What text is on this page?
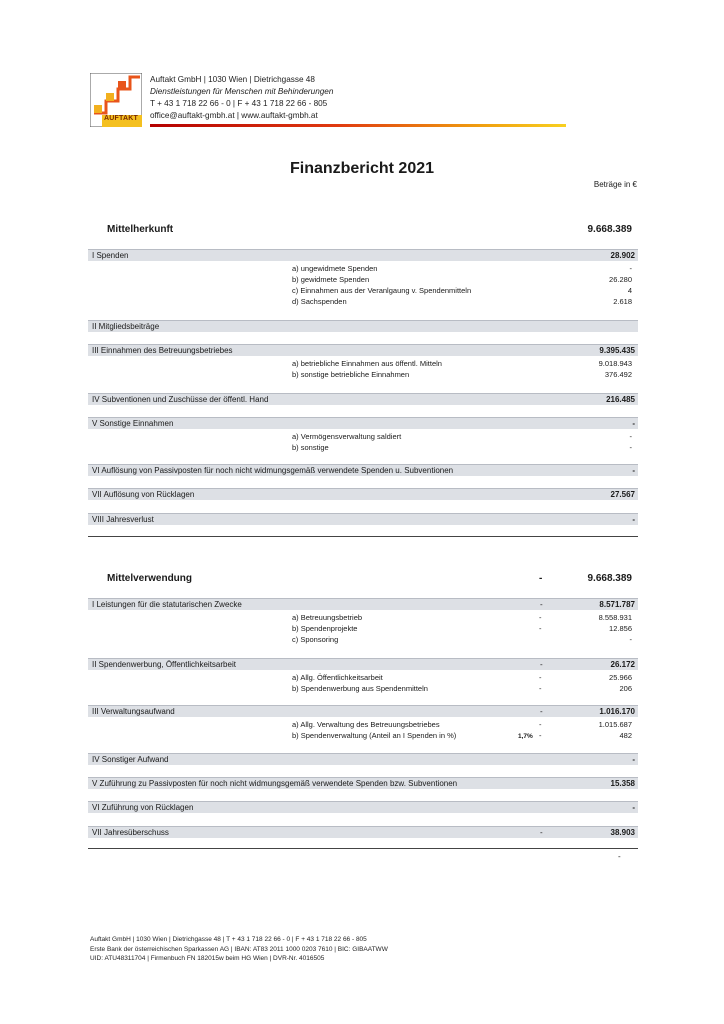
AUFTAKT
Auftakt GmbH | 1030 Wien | Dietrichgasse 48
Dienstleistungen für Menschen mit Behinderungen
T + 43 1 718 22 66 - 0 | F + 43 1 718 22 66 - 805
office@auftakt-gmbh.at | www.auftakt-gmbh.at
Finanzbericht 2021
Beträge in €
Mittelherkunft	9.668.389
I Spenden	28.902
a) ungewidmete Spenden	-
b) gewidmete Spenden	26.280
c) Einnahmen aus der Veranlgaung v. Spendenmitteln	4
d) Sachspenden	2.618
II Mitgliedsbeiträge
III Einnahmen des Betreuungsbetriebes	9.395.435
a) betriebliche Einnahmen aus öffentl. Mitteln	9.018.943
b) sonstige betriebliche Einnahmen	376.492
IV Subventionen und Zuschüsse der öffentl. Hand	216.485
V Sonstige Einnahmen	-
a) Vermögensverwaltung saldiert	-
b) sonstige	-
VI Auflösung von Passivposten für noch nicht widmungsgemäß verwendete Spenden u. Subventionen	-
VII Auflösung von Rücklagen	27.567
VIII Jahresverlust	-
Mittelverwendung	-	9.668.389
I Leistungen für die statutarischen Zwecke	-	8.571.787
a) Betreuungsbetrieb	-	8.558.931
b) Spendenprojekte	-	12.856
c) Sponsoring	-
II Spendenwerbung, Öffentlichkeitsarbeit	-	26.172
a) Allg. Öffentlichkeitsarbeit	-	25.966
b) Spendenwerbung aus Spendenmitteln	-	206
III Verwaltungsaufwand	-	1.016.170
a) Allg. Verwaltung des Betreuungsbetriebes	-	1.015.687
b) Spendenverwaltung (Anteil an I Spenden in %)	1,7% -	482
IV Sonstiger Aufwand	-
V Zuführung zu Passivposten für noch nicht widmungsgemäß verwendete Spenden bzw. Subventionen	15.358
VI Zuführung von Rücklagen	-
VII Jahresüberschuss	-	38.903
-
Auftakt GmbH | 1030 Wien | Dietrichgasse 48 | T + 43 1 718 22 66 - 0 | F + 43 1 718 22 66 - 805
Erste Bank der österreichischen Sparkassen AG | IBAN: AT83 2011 1000 0203 7610 | BIC: GIBAATWW
UID: ATU48311704 | Firmenbuch FN 182015w beim HG Wien | DVR-Nr. 4016505
